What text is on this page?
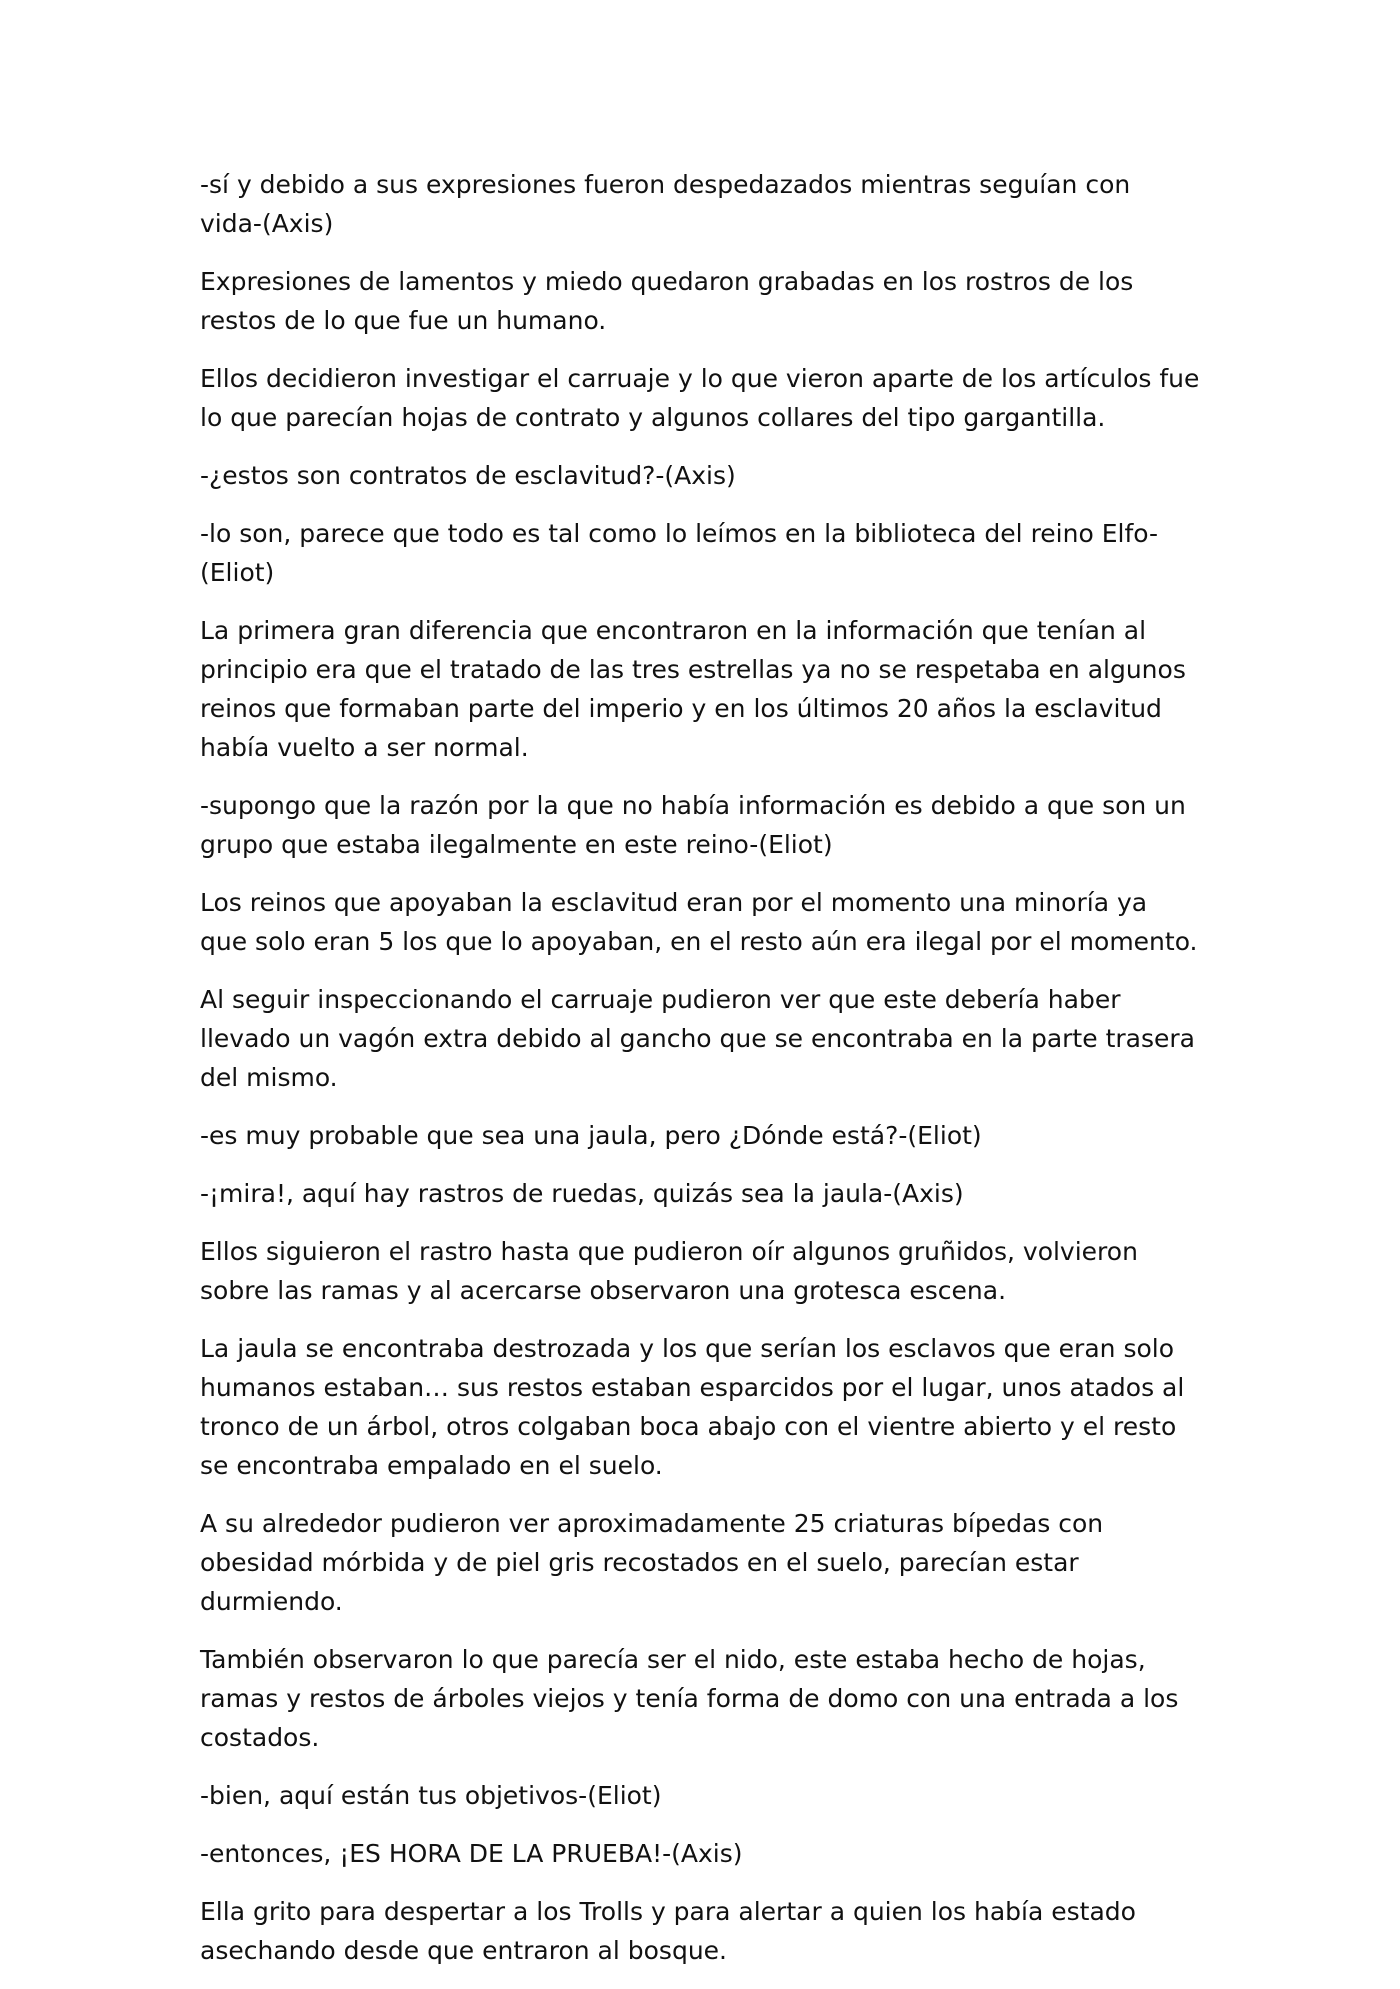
-sí y debido a sus expresiones fueron despedazados mientras seguían con vida-(Axis)

Expresiones de lamentos y miedo quedaron grabadas en los rostros de los restos de lo que fue un humano.

Ellos decidieron investigar el carruaje y lo que vieron aparte de los artículos fue lo que parecían hojas de contrato y algunos collares del tipo gargantilla.

-¿estos son contratos de esclavitud?-(Axis)

-lo son, parece que todo es tal como lo leímos en la biblioteca del reino Elfo-(Eliot)

La primera gran diferencia que encontraron en la información que tenían al principio era que el tratado de las tres estrellas ya no se respetaba en algunos reinos que formaban parte del imperio y en los últimos 20 años la esclavitud había vuelto a ser normal.

-supongo que la razón por la que no había información es debido a que son un grupo que estaba ilegalmente en este reino-(Eliot)

Los reinos que apoyaban la esclavitud eran por el momento una minoría ya que solo eran 5 los que lo apoyaban, en el resto aún era ilegal por el momento.

Al seguir inspeccionando el carruaje pudieron ver que este debería haber llevado un vagón extra debido al gancho que se encontraba en la parte trasera del mismo.

-es muy probable que sea una jaula, pero ¿Dónde está?-(Eliot)

-¡mira!, aquí hay rastros de ruedas, quizás sea la jaula-(Axis)

Ellos siguieron el rastro hasta que pudieron oír algunos gruñidos, volvieron sobre las ramas y al acercarse observaron una grotesca escena.

La jaula se encontraba destrozada y los que serían los esclavos que eran solo humanos estaban… sus restos estaban esparcidos por el lugar, unos atados al tronco de un árbol, otros colgaban boca abajo con el vientre abierto y el resto se encontraba empalado en el suelo.

A su alrededor pudieron ver aproximadamente 25 criaturas bípedas con obesidad mórbida y de piel gris recostados en el suelo, parecían estar durmiendo.

También observaron lo que parecía ser el nido, este estaba hecho de hojas, ramas y restos de árboles viejos y tenía forma de domo con una entrada a los costados.

-bien, aquí están tus objetivos-(Eliot)

-entonces, ¡ES HORA DE LA PRUEBA!-(Axis)

Ella grito para despertar a los Trolls y para alertar a quien los había estado asechando desde que entraron al bosque.
